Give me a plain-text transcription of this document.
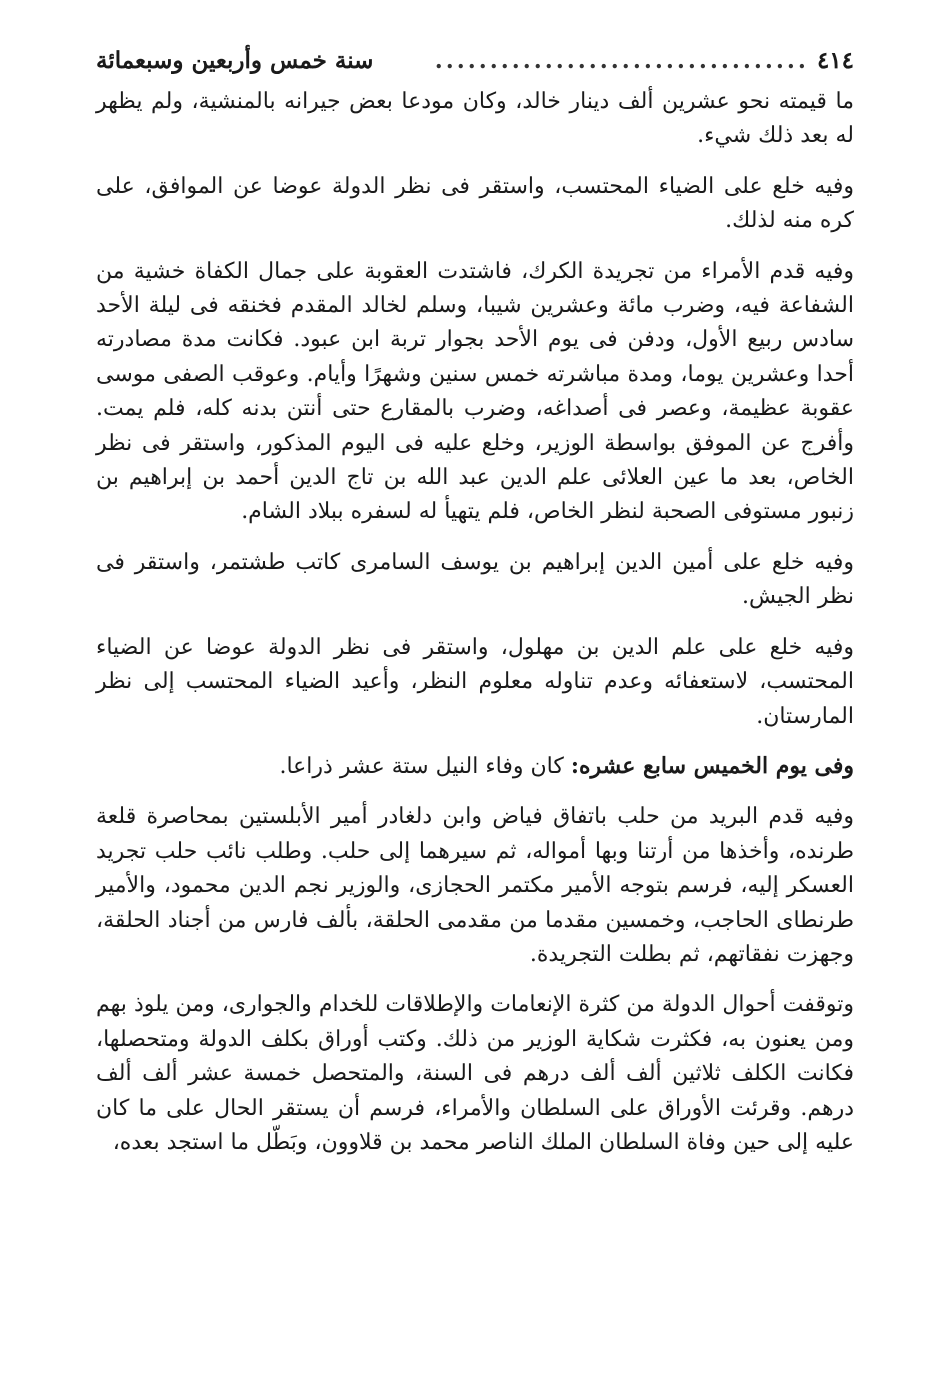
٤١٤
..................................
سنة خمس وأربعين وسبعمائة

ما قيمته نحو عشرين ألف دينار خالد، وكان مودعا بعض جيرانه بالمنشية، ولم يظهر له بعد ذلك شيء.

وفيه خلع على الضياء المحتسب، واستقر فى نظر الدولة عوضا عن الموافق، على كره منه لذلك.

وفيه قدم الأمراء من تجريدة الكرك، فاشتدت العقوبة على جمال الكفاة خشية من الشفاعة فيه، وضرب مائة وعشرين شيبا، وسلم لخالد المقدم فخنقه فى ليلة الأحد سادس ربيع الأول، ودفن فى يوم الأحد بجوار تربة ابن عبود. فكانت مدة مصادرته أحدا وعشرين يوما، ومدة مباشرته خمس سنين وشهرًا وأيام. وعوقب الصفى موسى عقوبة عظيمة، وعصر فى أصداغه، وضرب بالمقارع حتى أنتن بدنه كله، فلم يمت. وأفرج عن الموفق بواسطة الوزير، وخلع عليه فى اليوم المذكور، واستقر فى نظر الخاص، بعد ما عين العلائى علم الدين عبد الله بن تاج الدين أحمد بن إبراهيم بن زنبور مستوفى الصحبة لنظر الخاص، فلم يتهيأ له لسفره ببلاد الشام.

وفيه خلع على أمين الدين إبراهيم بن يوسف السامرى كاتب طشتمر، واستقر فى نظر الجيش.

وفيه خلع على علم الدين بن مهلول، واستقر فى نظر الدولة عوضا عن الضياء المحتسب، لاستعفائه وعدم تناوله معلوم النظر، وأعيد الضياء المحتسب إلى نظر المارستان.

وفى يوم الخميس سابع عشره: كان وفاء النيل ستة عشر ذراعا.

وفيه قدم البريد من حلب باتفاق فياض وابن دلغادر أمير الأبلستين بمحاصرة قلعة طرنده، وأخذها من أرتنا وبها أمواله، ثم سيرهما إلى حلب. وطلب نائب حلب تجريد العسكر إليه، فرسم بتوجه الأمير مكتمر الحجازى، والوزير نجم الدين محمود، والأمير طرنطاى الحاجب، وخمسين مقدما من مقدمى الحلقة، بألف فارس من أجناد الحلقة، وجهزت نفقاتهم، ثم بطلت التجريدة.

وتوقفت أحوال الدولة من كثرة الإنعامات والإطلاقات للخدام والجوارى، ومن يلوذ بهم ومن يعنون به، فكثرت شكاية الوزير من ذلك. وكتب أوراق بكلف الدولة ومتحصلها، فكانت الكلف ثلاثين ألف ألف درهم فى السنة، والمتحصل خمسة عشر ألف ألف درهم. وقرئت الأوراق على السلطان والأمراء، فرسم أن يستقر الحال على ما كان عليه إلى حين وفاة السلطان الملك الناصر محمد بن قلاوون، وبَطّل ما استجد بعده،
